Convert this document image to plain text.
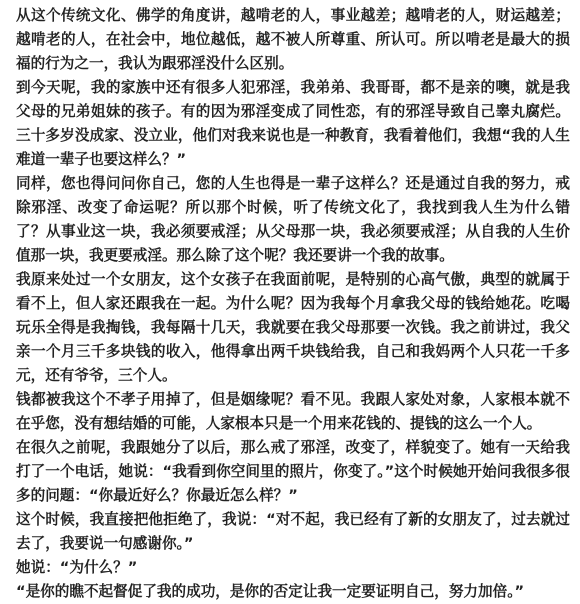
从这个传统文化、佛学的角度讲，越啃老的人，事业越差；越啃老的人，财运越差；越啃老的人，在社会中，地位越低，越不被人所尊重、所认可。所以啃老是最大的损福的行为之一，我认为跟邪淫没什么区别。

到今天呢，我的家族中还有很多人犯邪淫，我弟弟、我哥哥，都不是亲的噢，就是我父母的兄弟姐妹的孩子。有的因为邪淫变成了同性恋，有的邪淫导致自己睾丸腐烂。三十多岁没成家、没立业，他们对我来说也是一种教育，我看着他们，我想“我的人生难道一辈子也要这样么？”

同样，您也得问问你自己，您的人生也得是一辈子这样么？还是通过自我的努力，戒除邪淫、改变了命运呢？所以那个时候，听了传统文化了，我找到我人生为什么错了？从事业这一块，我必须要戒淫；从父母那一块，我必须要戒淫；从自我的人生价值那一块，我更要戒淫。那么除了这个呢？我还要讲一个我的故事。

我原来处过一个女朋友，这个女孩子在我面前呢，是特别的心高气傲，典型的就属于看不上，但人家还跟我在一起。为什么呢？因为我每个月拿我父母的钱给她花。吃喝玩乐全得是我掏钱，我每隔十几天，我就要在我父母那要一次钱。我之前讲过，我父亲一个月三千多块钱的收入，他得拿出两千块钱给我，自己和我妈两个人只花一千多元，还有爷爷，三个人。

钱都被我这个不孝子用掉了，但是姻缘呢？看不见。我跟人家处对象，人家根本就不在乎您，没有想结婚的可能，人家根本只是一个用来花钱的、提钱的这么一个人。

在很久之前呢，我跟她分了以后，那么戒了邪淫，改变了，样貌变了。她有一天给我打了一个电话，她说：“我看到你空间里的照片，你变了。”这个时候她开始问我很多很多的问题：“你最近好么？你最近怎么样？”

这个时候，我直接把他拒绝了，我说：“对不起，我已经有了新的女朋友了，过去就过去了，我要说一句感谢你。”

她说：“为什么？”

“是你的瞧不起督促了我的成功，是你的否定让我一定要证明自己，努力加倍。”
